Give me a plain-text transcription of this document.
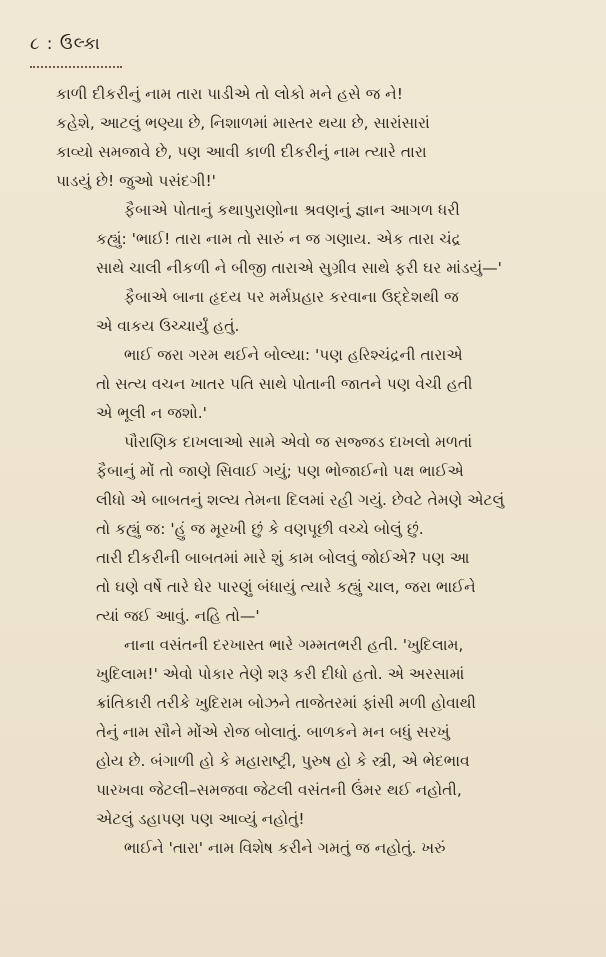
૮ : ઉલ્કા
કાળી દીકરીનું નામ તારા પાડીએ તો લોકો મને હસે જ ને!
કહેશે, આટલું ભણ્યા છે, નિશાળમાં માસ્તર થયા છે, સારાંસારાં
કાવ્યો સમજાવે છે, પણ આવી કાળી દીકરીનું નામ ત્યારે તારા
પાડયું છે! જુઓ પસંદગી!'
ફૈબાએ પોતાનું કથાપુરાણોના શ્રવણનું જ્ઞાન આગળ ધરી
કહ્યું: 'ભાઈ! તારા નામ તો સારું ન જ ગણાય. એક તારા ચંદ્ર
સાથે ચાલી નીકળી ને બીજી તારાએ સુગ્રીવ સાથે ફરી ઘર માંડયું—'
ફૈબાએ બાના હૃદય પર મર્મપ્રહાર કરવાના ઉદ્દેશથી જ
એ વાકય ઉચ્ચાર્યું હતું.
ભાઈ જરા ગરમ થઈને બોલ્યા: 'પણ હરિશ્ચંદ્રની તારાએ
તો સત્ય વચન ખાતર પતિ સાથે પોતાની જાતને પણ વેચી હતી
એ ભૂલી ન જશો.'
પૌરાણિક દાખલાઓ સામે એવો જ સજ્જડ દાખલો મળતાં
ફૈબાનું મોં તો જાણે સિવાઈ ગયું; પણ ભોજાઈનો પક્ષ ભાઈએ
લીધો એ બાબતનું શલ્ય તેમના દિલમાં રહી ગયું. છેવટે તેમણે એટલું
તો કહ્યું જ: 'હું જ મૂરખી છું કે વણપૂછી વચ્ચે બોલું છું.
તારી દીકરીની બાબતમાં મારે શું કામ બોલવું જોઈએ? પણ આ
તો ઘણે વર્ષે તારે ઘેર પારણું બંધાયું ત્યારે કહ્યું ચાલ, જરા ભાઈને
ત્યાં જઈ આવું. નહિ તો—'
નાના વસંતની દરખાસ્ત ભારે ગમ્મતભરી હતી. 'ખુદિલામ,
ખુદિલામ!' એવો પોકાર તેણે શરૂ કરી દીધો હતો. એ અરસામાં
ક્રાંતિકારી તરીકે ખુદિરામ બોઝને તાજેતરમાં ફાંસી મળી હોવાથી
તેનું નામ સૌને મોંએ રોજ બોલાતું. બાળકને મન બધું સરખું
હોય છે. બંગાળી હો કે મહારાષ્ટ્રી, પુરુષ હો કે સ્ત્રી, એ ભેદભાવ
પારખવા જેટલી–સમજવા જેટલી વસંતની ઉંમર થઈ નહોતી,
એટલું ડહાપણ પણ આવ્યું નહોતું!
ભાઈને 'તારા' નામ વિશેષ કરીને ગમતું જ નહોતું. ખરું
